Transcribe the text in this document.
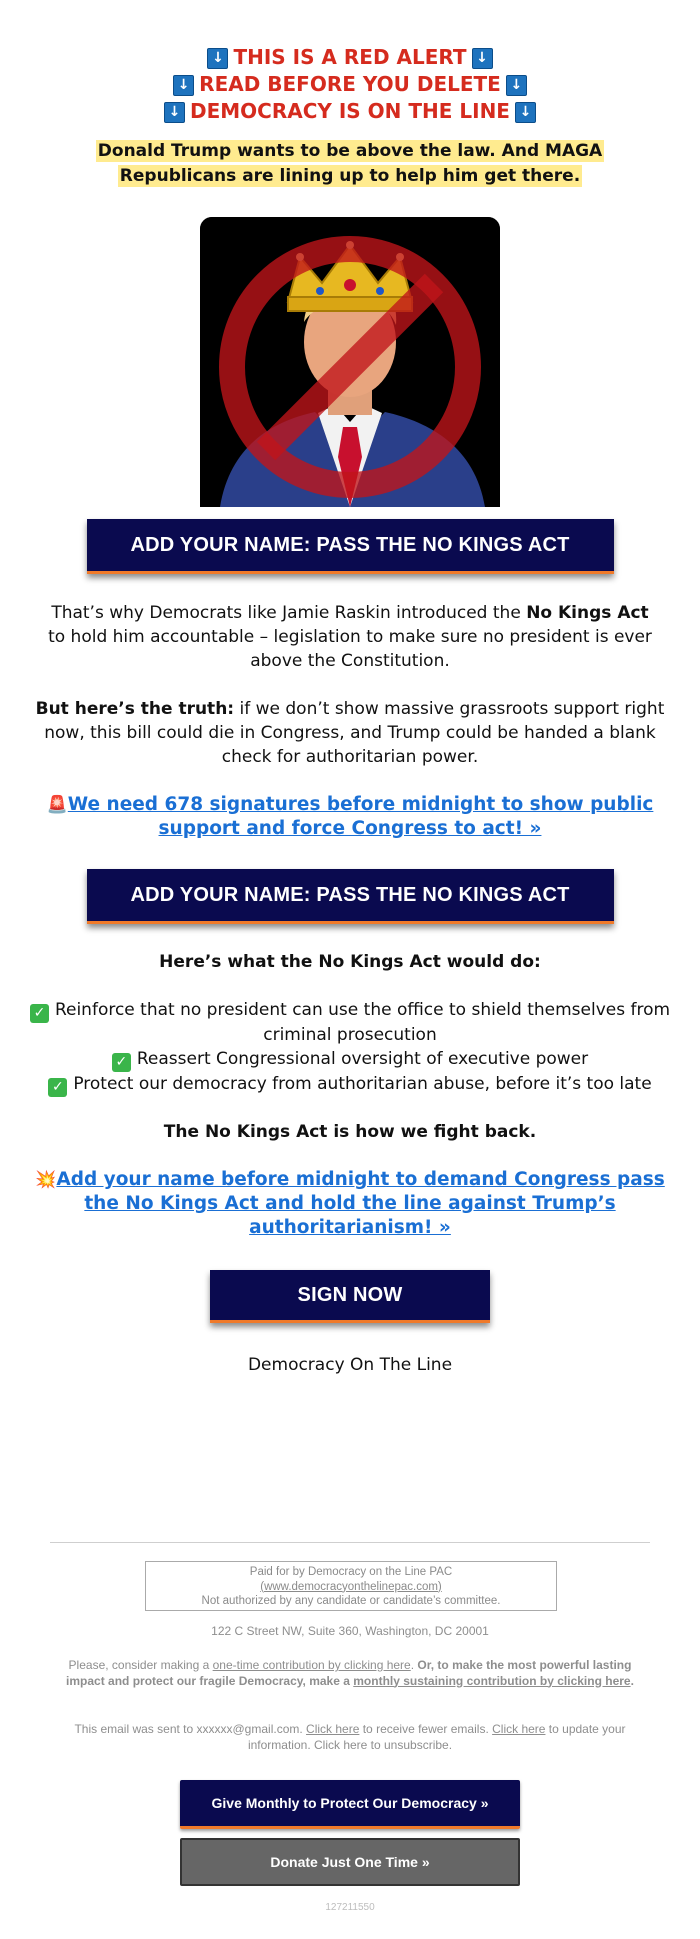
↓ THIS IS A RED ALERT ↓
↓ READ BEFORE YOU DELETE ↓
↓ DEMOCRACY IS ON THE LINE ↓
Donald Trump wants to be above the law. And MAGA
Republicans are lining up to help him get there.
ADD YOUR NAME: PASS THE NO KINGS ACT

That’s why Democrats like Jamie Raskin introduced the No Kings Act
to hold him accountable – legislation to make sure no president is ever above the Constitution.

But here’s the truth: if we don’t show massive grassroots support right now, this bill could die in Congress, and Trump could be handed a blank check for authoritarian power.

🚨We need 678 signatures before midnight to show public support and force Congress to act! »

ADD YOUR NAME: PASS THE NO KINGS ACT
Here’s what the No Kings Act would do:
✓ Reinforce that no president can use the office to shield themselves from criminal prosecution
✓ Reassert Congressional oversight of executive power
✓ Protect our democracy from authoritarian abuse, before it’s too late
The No Kings Act is how we fight back.

💥Add your name before midnight to demand Congress pass the No Kings Act and hold the line against Trump’s authoritarianism! »

SIGN NOW
Democracy On The Line
Paid for by Democracy on the Line PAC
(www.democracyonthelinepac.com)
Not authorized by any candidate or candidate’s committee.
122 C Street NW, Suite 360, Washington, DC 20001
Please, consider making a one-time contribution by clicking here. Or, to make the most powerful lasting impact and protect our fragile Democracy, make a monthly sustaining contribution by clicking here.
This email was sent to xxxxxx@gmail.com. Click here to receive fewer emails. Click here to update your information. Click here to unsubscribe.
Give Monthly to Protect Our Democracy »
Donate Just One Time »
127211550
